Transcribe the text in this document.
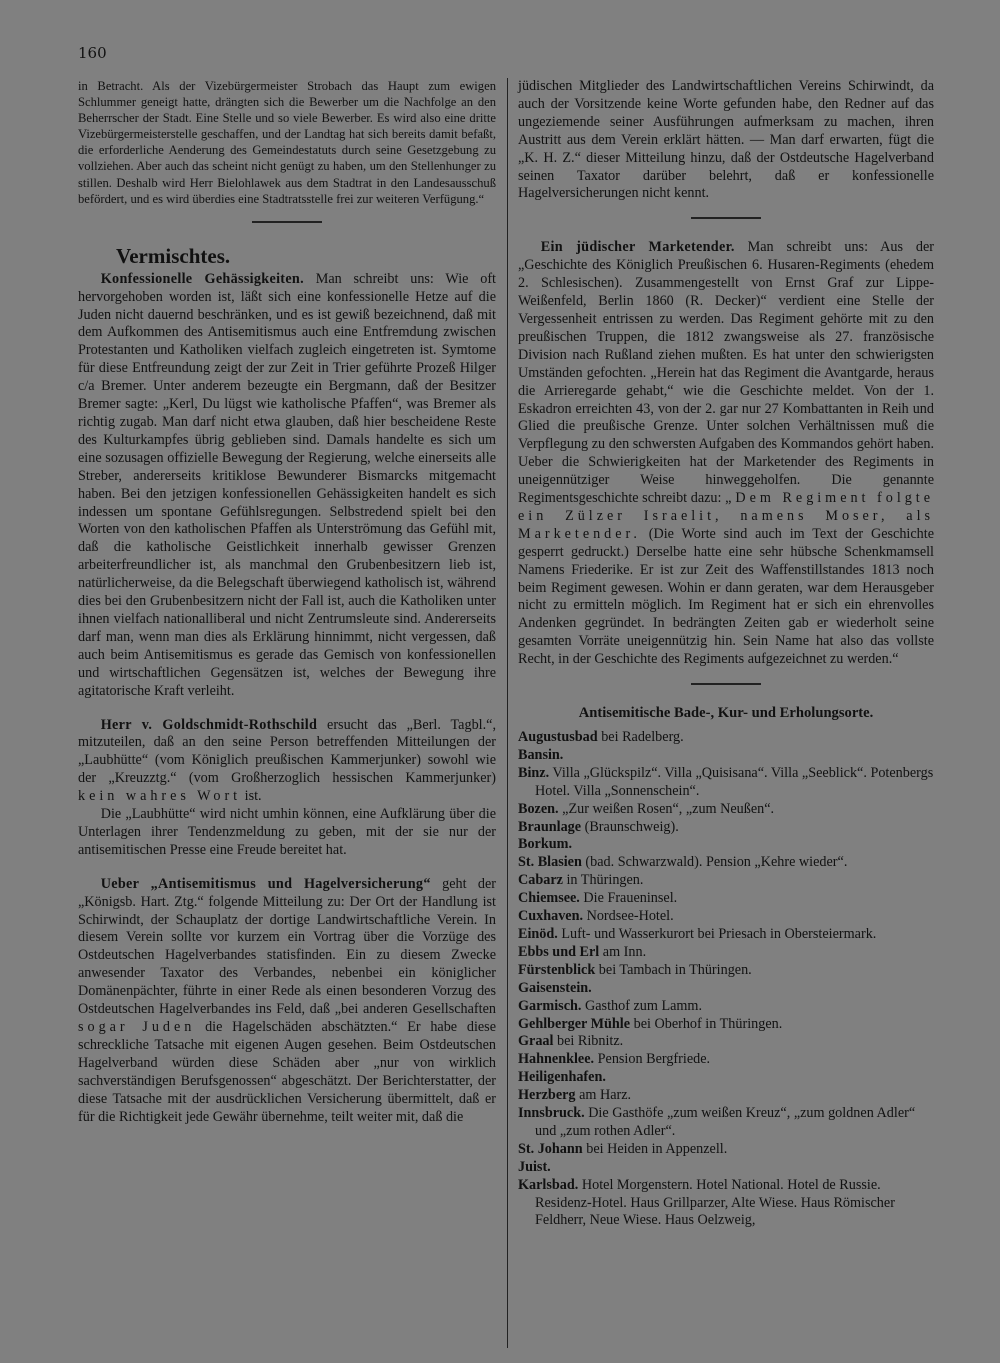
160

in Betracht. Als der Vizebürgermeister Strobach das Haupt zum ewigen Schlummer geneigt hatte, drängten sich die Bewerber um die Nachfolge an den Beherrscher der Stadt. Eine Stelle und so viele Bewerber. Es wird also eine dritte Vizebürgermeisterstelle geschaffen, und der Landtag hat sich bereits damit befaßt, die erforderliche Aenderung des Gemeindestatuts durch seine Gesetzgebung zu vollziehen. Aber auch das scheint nicht genügt zu haben, um den Stellenhunger zu stillen. Deshalb wird Herr Bielohlawek aus dem Stadtrat in den Landesausschuß befördert, und es wird überdies eine Stadtratsstelle frei zur weiteren Verfügung.“

Vermischtes.

Konfessionelle Gehässigkeiten. Man schreibt uns: Wie oft hervorgehoben worden ist, läßt sich eine konfessionelle Hetze auf die Juden nicht dauernd beschränken, und es ist gewiß bezeichnend, daß mit dem Aufkommen des Antisemitismus auch eine Entfremdung zwischen Protestanten und Katholiken vielfach zugleich eingetreten ist. Symtome für diese Entfreundung zeigt der zur Zeit in Trier geführte Prozeß Hilger c/a Bremer. Unter anderem bezeugte ein Bergmann, daß der Besitzer Bremer sagte: „Kerl, Du lügst wie katholische Pfaffen“, was Bremer als richtig zugab. Man darf nicht etwa glauben, daß hier bescheidene Reste des Kulturkampfes übrig geblieben sind. Damals handelte es sich um eine sozusagen offizielle Bewegung der Regierung, welche einerseits alle Streber, andererseits kritiklose Bewunderer Bismarcks mitgemacht haben. Bei den jetzigen konfessionellen Gehässigkeiten handelt es sich indessen um spontane Gefühlsregungen. Selbstredend spielt bei den Worten von den katholischen Pfaffen als Unterströmung das Gefühl mit, daß die katholische Geistlichkeit innerhalb gewisser Grenzen arbeiterfreundlicher ist, als manchmal den Grubenbesitzern lieb ist, natürlicherweise, da die Belegschaft überwiegend katholisch ist, während dies bei den Grubenbesitzern nicht der Fall ist, auch die Katholiken unter ihnen vielfach nationalliberal und nicht Zentrumsleute sind. Andererseits darf man, wenn man dies als Erklärung hinnimmt, nicht vergessen, daß auch beim Antisemitismus es gerade das Gemisch von konfessionellen und wirtschaftlichen Gegensätzen ist, welches der Bewegung ihre agitatorische Kraft verleiht.

Herr v. Goldschmidt-Rothschild ersucht das „Berl. Tagbl.“, mitzuteilen, daß an den seine Person betreffenden Mitteilungen der „Laubhütte“ (vom Königlich preußischen Kammerjunker) sowohl wie der „Kreuzztg.“ (vom Großherzoglich hessischen Kammerjunker) kein wahres Wort ist.

Die „Laubhütte“ wird nicht umhin können, eine Aufklärung über die Unterlagen ihrer Tendenzmeldung zu geben, mit der sie nur der antisemitischen Presse eine Freude bereitet hat.

Ueber „Antisemitismus und Hagelversicherung“ geht der „Königsb. Hart. Ztg.“ folgende Mitteilung zu: Der Ort der Handlung ist Schirwindt, der Schauplatz der dortige Landwirtschaftliche Verein. In diesem Verein sollte vor kurzem ein Vortrag über die Vorzüge des Ostdeutschen Hagelverbandes statisfinden. Ein zu diesem Zwecke anwesender Taxator des Verbandes, nebenbei ein königlicher Domänenpächter, führte in einer Rede als einen besonderen Vorzug des Ostdeutschen Hagelverbandes ins Feld, daß „bei anderen Gesellschaften sogar Juden die Hagelschäden abschätzten.“ Er habe diese schreckliche Tatsache mit eigenen Augen gesehen. Beim Ostdeutschen Hagelverband würden diese Schäden aber „nur von wirklich sachverständigen Berufsgenossen“ abgeschätzt. Der Berichterstatter, der diese Tatsache mit der ausdrücklichen Versicherung übermittelt, daß er für die Richtigkeit jede Gewähr übernehme, teilt weiter mit, daß die

jüdischen Mitglieder des Landwirtschaftlichen Vereins Schirwindt, da auch der Vorsitzende keine Worte gefunden habe, den Redner auf das ungeziemende seiner Ausführungen aufmerksam zu machen, ihren Austritt aus dem Verein erklärt hätten. — Man darf erwarten, fügt die „K. H. Z.“ dieser Mitteilung hinzu, daß der Ostdeutsche Hagelverband seinen Taxator darüber belehrt, daß er konfessionelle Hagelversicherungen nicht kennt.

Ein jüdischer Marketender. Man schreibt uns: Aus der „Geschichte des Königlich Preußischen 6. Husaren-Regiments (ehedem 2. Schlesischen). Zusammengestellt von Ernst Graf zur Lippe-Weißenfeld, Berlin 1860 (R. Decker)“ verdient eine Stelle der Vergessenheit entrissen zu werden. Das Regiment gehörte mit zu den preußischen Truppen, die 1812 zwangsweise als 27. französische Division nach Rußland ziehen mußten. Es hat unter den schwierigsten Umständen gefochten. „Herein hat das Regiment die Avantgarde, heraus die Arrieregarde gehabt,“ wie die Geschichte meldet. Von der 1. Eskadron erreichten 43, von der 2. gar nur 27 Kombattanten in Reih und Glied die preußische Grenze. Unter solchen Verhältnissen muß die Verpflegung zu den schwersten Aufgaben des Kommandos gehört haben. Ueber die Schwierigkeiten hat der Marketender des Regiments in uneigennütziger Weise hinweggeholfen. Die genannte Regimentsgeschichte schreibt dazu: „Dem Regiment folgte ein Zülzer Israelit, namens Moser, als Marketender. (Die Worte sind auch im Text der Geschichte gesperrt gedruckt.) Derselbe hatte eine sehr hübsche Schenkmamsell Namens Friederike. Er ist zur Zeit des Waffenstillstandes 1813 noch beim Regiment gewesen. Wohin er dann geraten, war dem Herausgeber nicht zu ermitteln möglich. Im Regiment hat er sich ein ehrenvolles Andenken gegründet. In bedrängten Zeiten gab er wiederholt seine gesamten Vorräte uneigennützig hin. Sein Name hat also das vollste Recht, in der Geschichte des Regiments aufgezeichnet zu werden.“

Antisemitische Bade-, Kur- und Erholungsorte.
Augustusbad bei Radelberg.
Bansin.
Binz. Villa „Glückspilz“. Villa „Quisisana“. Villa „Seeblick“. Potenbergs Hotel. Villa „Sonnenschein“.
Bozen. „Zur weißen Rosen“, „zum Neußen“.
Braunlage (Braunschweig).
Borkum.
St. Blasien (bad. Schwarzwald). Pension „Kehre wieder“.
Cabarz in Thüringen.
Chiemsee. Die Fraueninsel.
Cuxhaven. Nordsee-Hotel.
Einöd. Luft- und Wasserkurort bei Priesach in Obersteiermark.
Ebbs und Erl am Inn.
Fürstenblick bei Tambach in Thüringen.
Gaisenstein.
Garmisch. Gasthof zum Lamm.
Gehlberger Mühle bei Oberhof in Thüringen.
Graal bei Ribnitz.
Hahnenklee. Pension Bergfriede.
Heiligenhafen.
Herzberg am Harz.
Innsbruck. Die Gasthöfe „zum weißen Kreuz“, „zum goldnen Adler“ und „zum rothen Adler“.
St. Johann bei Heiden in Appenzell.
Juist.
Karlsbad. Hotel Morgenstern. Hotel National. Hotel de Russie. Residenz-Hotel. Haus Grillparzer, Alte Wiese. Haus Römischer Feldherr, Neue Wiese. Haus Oelzweig,
